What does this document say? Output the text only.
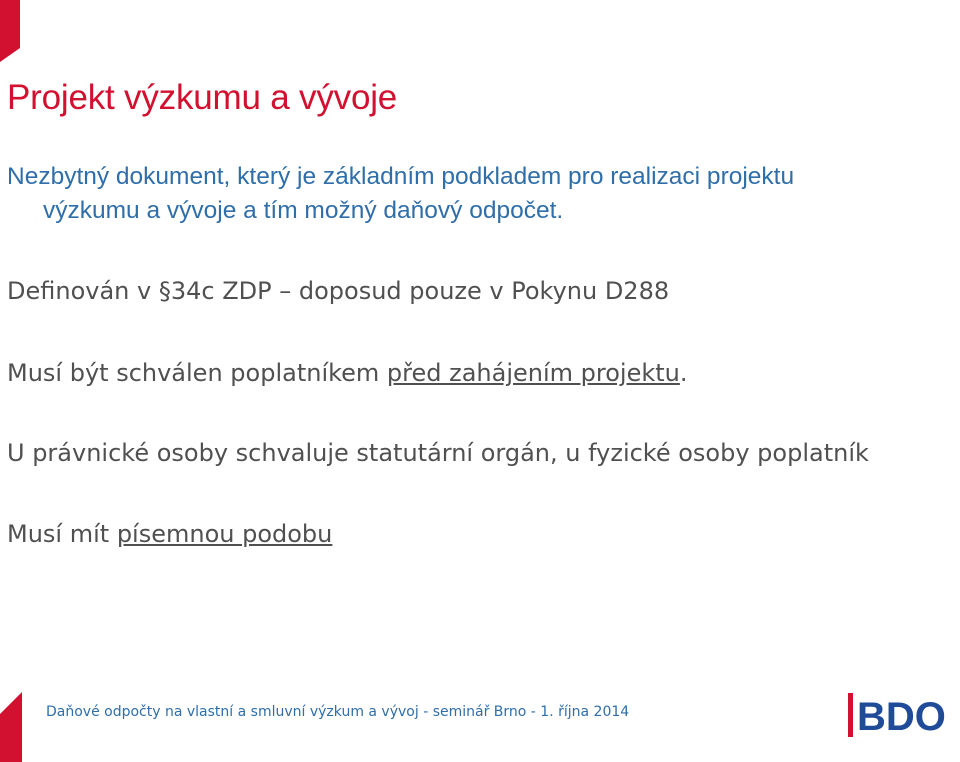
Projekt výzkumu a vývoje
Nezbytný dokument, který je základním podkladem pro realizaci projektu
výzkumu a vývoje a tím možný daňový odpočet.
Definován v §34c ZDP – doposud pouze v Pokynu D288
Musí být schválen poplatníkem před zahájením projektu.
U právnické osoby schvaluje statutární orgán, u fyzické osoby poplatník
Musí mít písemnou podobu
Daňové odpočty na vlastní a smluvní výzkum a vývoj - seminář Brno - 1. října 2014	BDO
